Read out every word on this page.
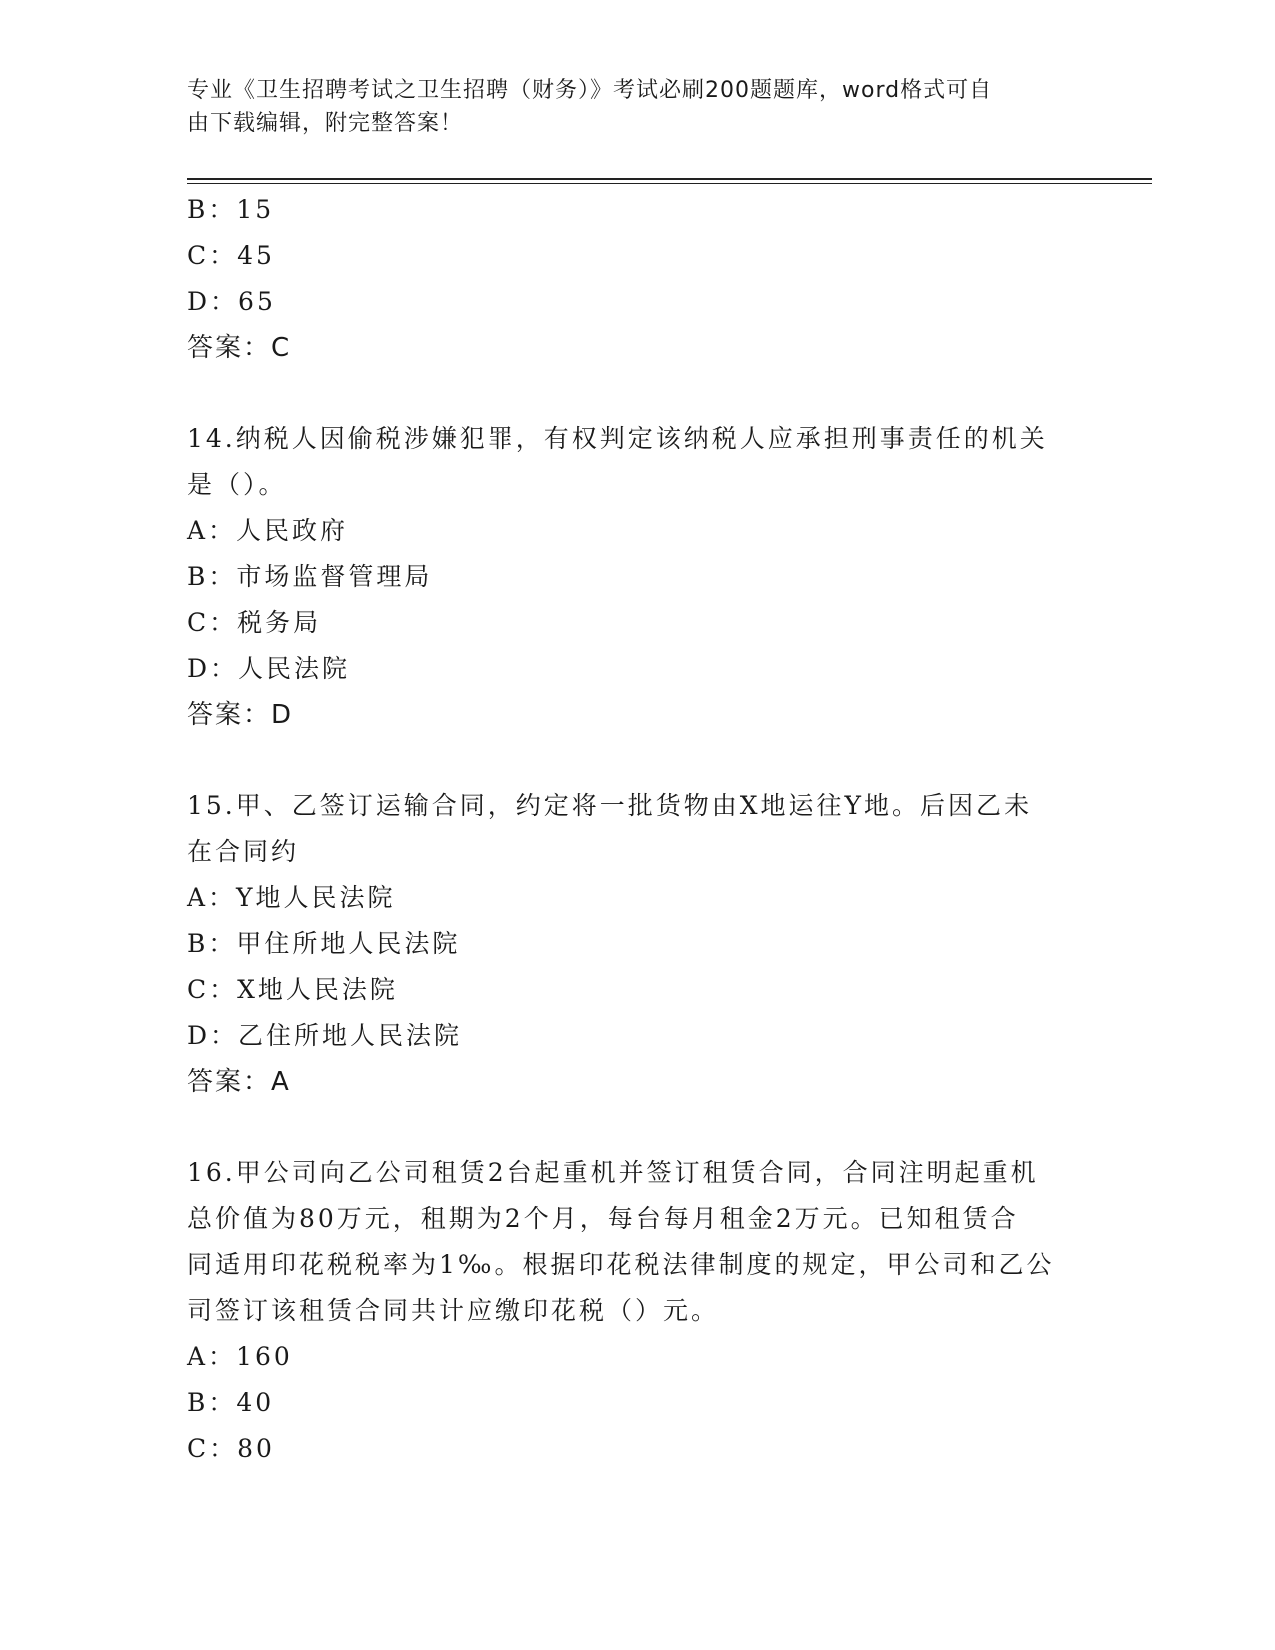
专业《卫生招聘考试之卫生招聘（财务）》考试必刷200题题库，word格式可自
由下载编辑，附完整答案！
B：15
C：45
D：65
答案：C
14.纳税人因偷税涉嫌犯罪，有权判定该纳税人应承担刑事责任的机关
是（）。
A：人民政府
B：市场监督管理局
C：税务局
D：人民法院
答案：D
15.甲、乙签订运输合同，约定将一批货物由X地运往Y地。后因乙未
在合同约
A：Y地人民法院
B：甲住所地人民法院
C：X地人民法院
D：乙住所地人民法院
答案：A
16.甲公司向乙公司租赁2台起重机并签订租赁合同，合同注明起重机
总价值为80万元，租期为2个月，每台每月租金2万元。已知租赁合
同适用印花税税率为1‰。根据印花税法律制度的规定，甲公司和乙公
司签订该租赁合同共计应缴印花税（）元。
A：160
B：40
C：80
